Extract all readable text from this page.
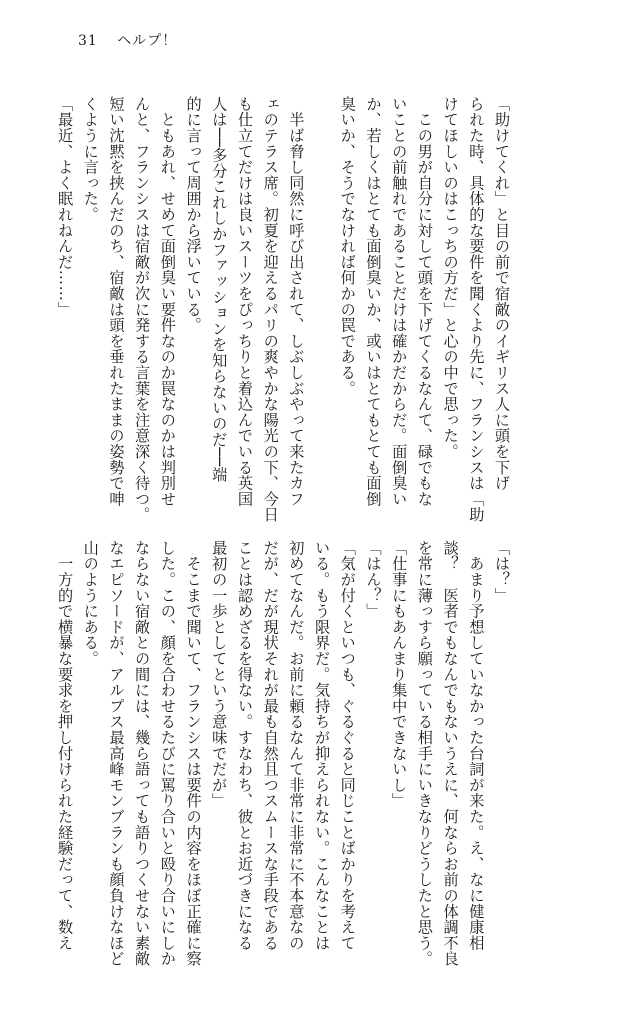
31 ヘルプ！
「助けてくれ」と目の前で宿敵のイギリス人に頭を下げ
られた時、具体的な要件を聞くより先に、フランシスは「助
けてほしいのはこっちの方だ」と心の中で思った。
　この男が自分に対して頭を下げてくるなんて、碌でもな
いことの前触れであることだけは確かだからだ。面倒臭い
か、若しくはとても面倒臭いか、或いはとてもとても面倒
臭いか、そうでなければ何かの罠である。

　半ば脅し同然に呼び出されて、しぶしぶやって来たカフ
ェのテラス席。初夏を迎えるパリの爽やかな陽光の下、今日
も仕立てだけは良いスーツをぴっちりと着込んでいる英国
人は──多分これしかファッションを知らないのだ──端
的に言って周囲から浮いている。
　ともあれ、せめて面倒臭い要件なのか罠なのかは判別せ
んと、フランシスは宿敵が次に発する言葉を注意深く待つ。
短い沈黙を挟んだのち、宿敵は頭を垂れたままの姿勢で呻
くように言った。
「最近、よく眠れねんだ……」
「は？」
　あまり予想していなかった台詞が来た。え、なに健康相
談？　医者でもなんでもないうえに、何ならお前の体調不良
を常に薄っすら願っている相手にいきなりどうしたと思う。
「仕事にもあんまり集中できないし」
「はん？」
「気が付くといつも、ぐるぐると同じことばかりを考えて
いる。もう限界だ。気持ちが抑えられない。こんなことは
初めてなんだ。お前に頼るなんて非常に非常に不本意なの
だが、だが現状それが最も自然且つスムースな手段である
ことは認めざるを得ない。すなわち、彼とお近づきになる
最初の一歩としてという意味でだが」
　そこまで聞いて、フランシスは要件の内容をほぼ正確に察
した。この、顔を合わせるたびに罵り合いと殴り合いにしか
ならない宿敵との間には、幾ら語っても語りつくせない素敵
なエピソードが、アルプス最高峰モンブランも顔負けなほど
山のようにある。
　一方的で横暴な要求を押し付けられた経験だって、数え
